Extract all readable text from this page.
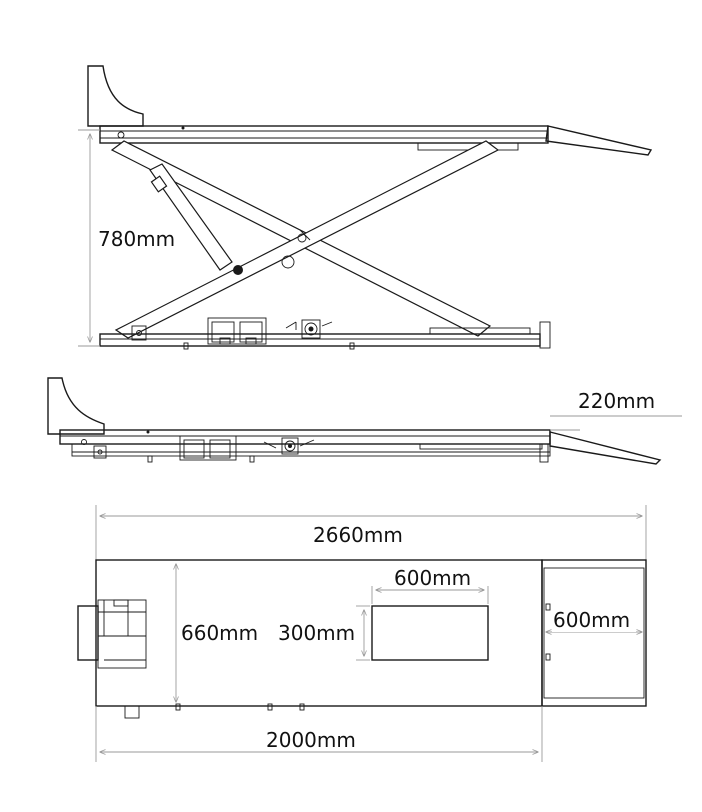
780mm
220mm
2660mm
600mm
300mm
660mm
600mm
2000mm
